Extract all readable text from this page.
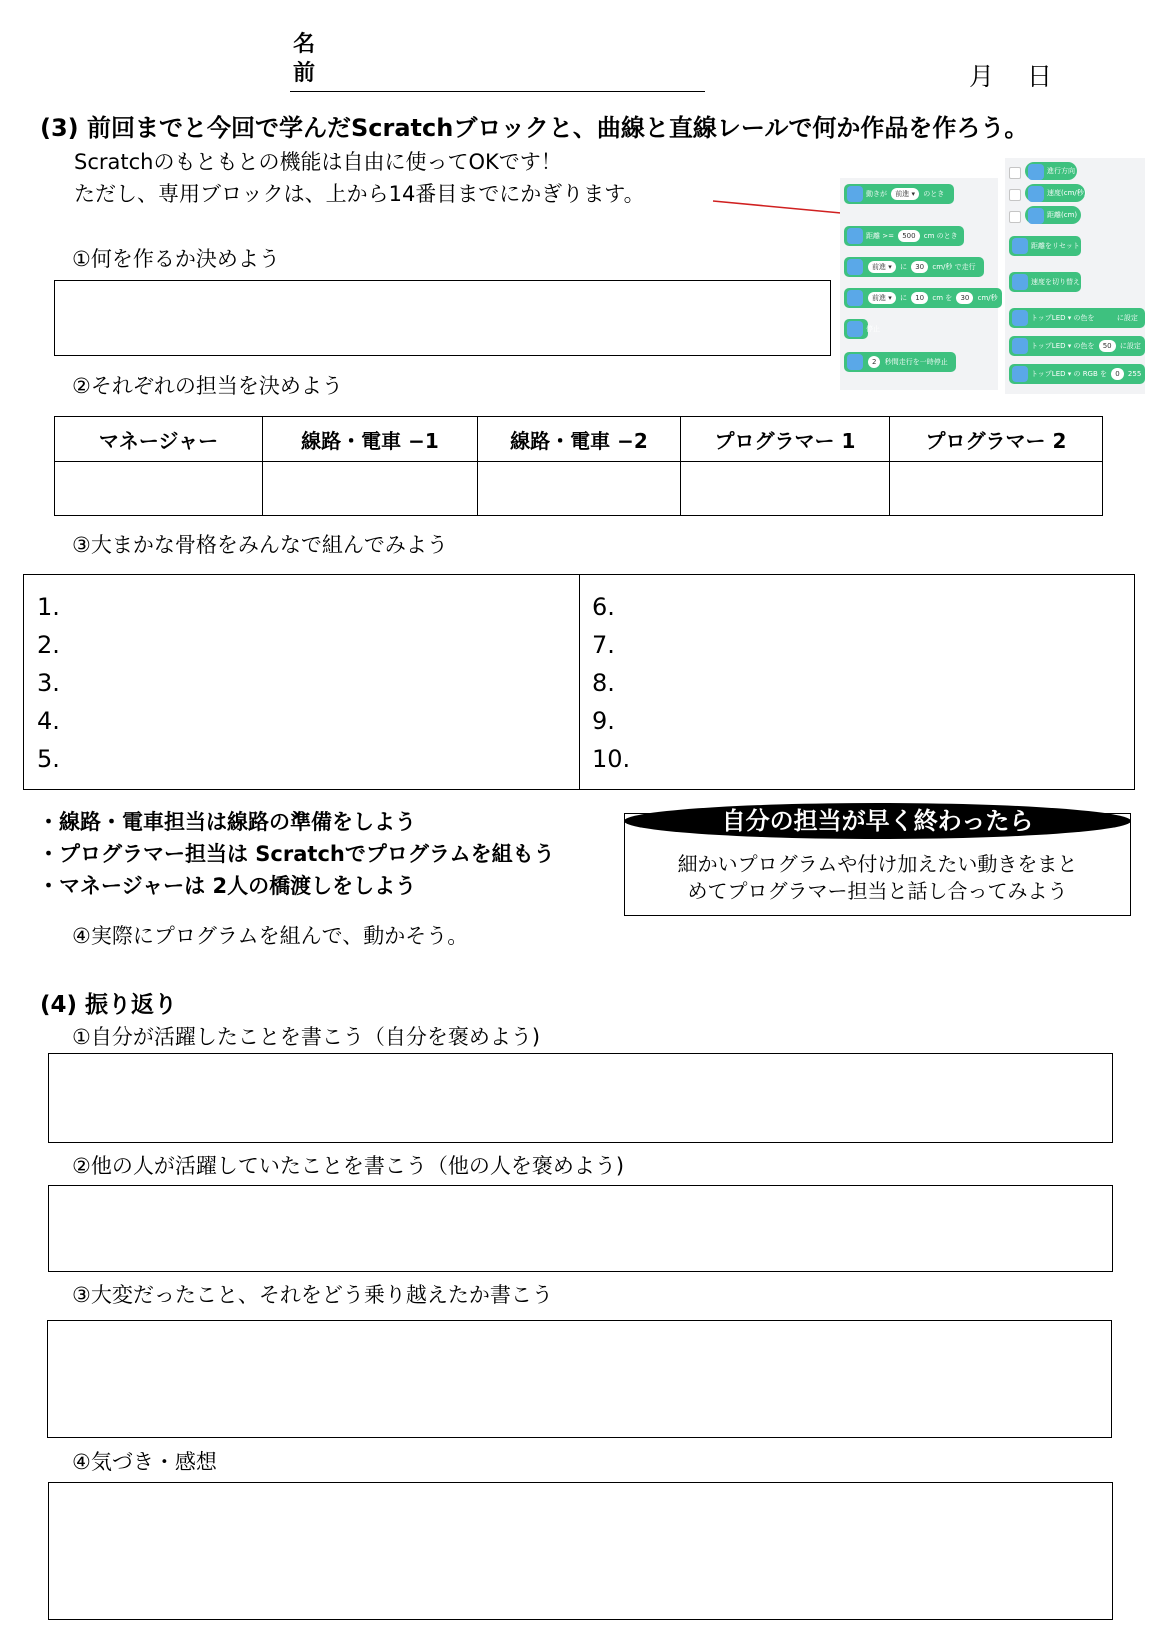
名
前	月 日
(3) 前回までと今回で学んだScratchブロックと、曲線と直線レールで何か作品を作ろう。
Scratchのもともとの機能は自由に使ってOKです！
ただし、専用ブロックは、上から14番目までにかぎります。	動きが 前進 ▾ のとき
距離 >= 500 cm のとき
前進 ▾ に 30 cm/秒 で走行
前進 ▾ に 10 cm を 30 cm/秒
停止
2 秒間走行を一時停止
進行方向
速度(cm/秒)
距離(cm)
距離をリセット
速度を切り替え
トップLED ▾ の色を	に設定
トップLED ▾ の色を 50 に設定
トップLED ▾ の RGB を 0 255
①何を作るか決めよう
②それぞれの担当を決めよう
マネージャー	線路・電車 −1	線路・電車 −2	プログラマー 1	プログラマー 2

③大まかな骨格をみんなで組んでみよう
1.
2.
3.
4.
5.
6.
7.
8.
9.
10.
・線路・電車担当は線路の準備をしよう
・プログラマー担当は Scratchでプログラムを組もう
・マネージャーは 2人の橋渡しをしよう
自分の担当が早く終わったら
細かいプログラムや付け加えたい動きをまと
めてプログラマー担当と話し合ってみよう
④実際にプログラムを組んで、動かそう。
(4) 振り返り
①自分が活躍したことを書こう（自分を褒めよう)
②他の人が活躍していたことを書こう（他の人を褒めよう)
③大変だったこと、それをどう乗り越えたか書こう
④気づき・感想
